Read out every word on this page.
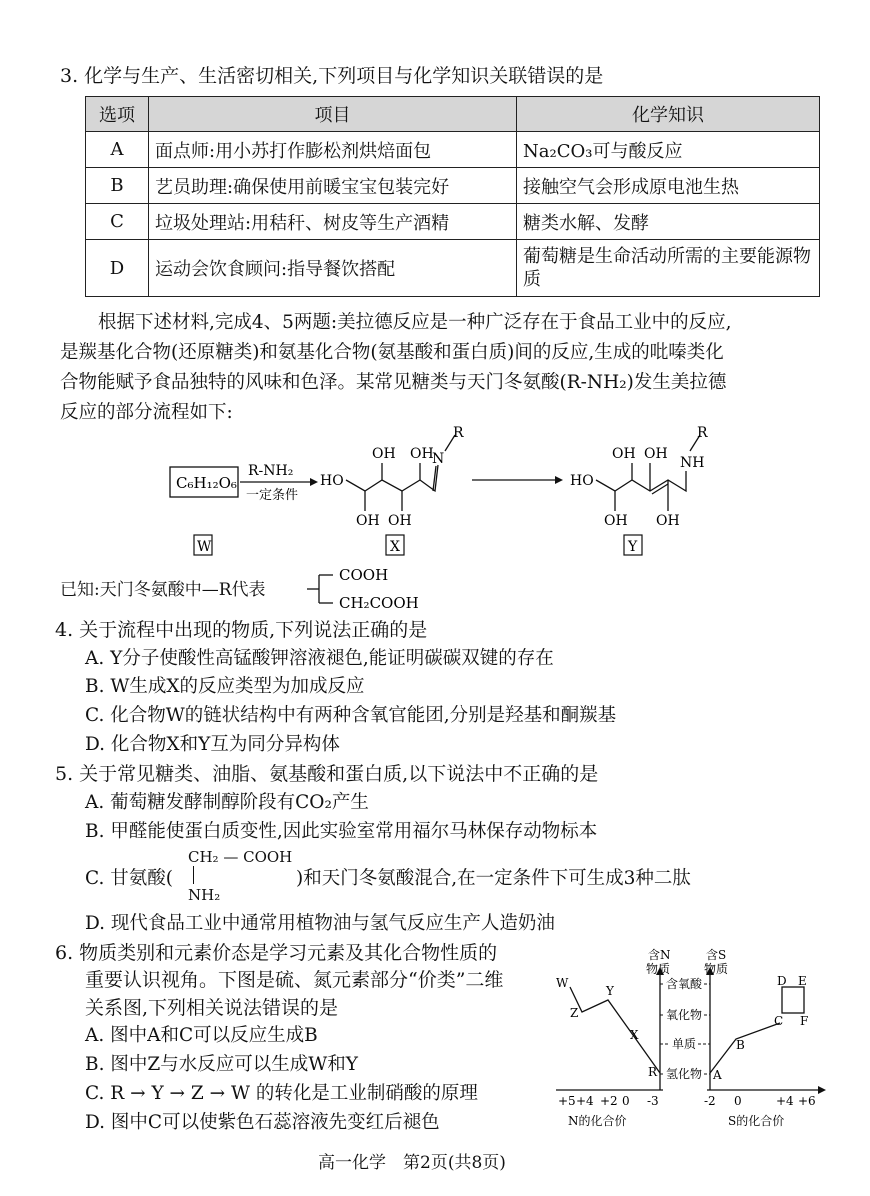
3. 化学与生产、生活密切相关,下列项目与化学知识关联错误的是
选项	项目	化学知识
A	面点师:用小苏打作膨松剂烘焙面包	Na₂CO₃可与酸反应
B	艺员助理:确保使用前暖宝宝包装完好	接触空气会形成原电池生热
C	垃圾处理站:用秸秆、树皮等生产酒精	糖类水解、发酵
D	运动会饮食顾问:指导餐饮搭配	葡萄糖是生命活动所需的主要能源物质
根据下述材料,完成4、5两题:美拉德反应是一种广泛存在于食品工业中的反应,
是羰基化合物(还原糖类)和氨基化合物(氨基酸和蛋白质)间的反应,生成的吡嗪类化
合物能赋予食品独特的风味和色泽。某常见糖类与天门冬氨酸(R-NH₂)发生美拉德
反应的部分流程如下:
C₆H₁₂O₆
R-NH₂
一定条件
HO
OH OH
OH
N
R
OH
HO
OH OH
OH OH
NH
R
W	X	Y
已知:天门冬氨酸中—R代表
COOH
CH₂COOH
4. 关于流程中出现的物质,下列说法正确的是
A. Y分子使酸性高锰酸钾溶液褪色,能证明碳碳双键的存在
B. W生成X的反应类型为加成反应
C. 化合物W的链状结构中有两种含氧官能团,分别是羟基和酮羰基
D. 化合物X和Y互为同分异构体
5. 关于常见糖类、油脂、氨基酸和蛋白质,以下说法中不正确的是
A. 葡萄糖发酵制醇阶段有CO₂产生
B. 甲醛能使蛋白质变性,因此实验室常用福尔马林保存动物标本
C. 甘氨酸(
CH₂ — COOH
NH₂
)和天门冬氨酸混合,在一定条件下可生成3种二肽
D. 现代食品工业中通常用植物油与氢气反应生产人造奶油
6. 物质类别和元素价态是学习元素及其化合物性质的
重要认识视角。下图是硫、氮元素部分“价类”二维
关系图,下列相关说法错误的是
A. 图中A和C可以反应生成B
B. 图中Z与水反应可以生成W和Y
C. R → Y → Z → W 的转化是工业制硝酸的原理
D. 图中C可以使紫色石蕊溶液先变红后褪色
含N
物质
含S
物质
含氧酸
氧化物
单质
氢化物
W
Z
Y
X
R	A
B
C
D E
F
+5 +4 +2 0 -3	-2 0	+4 +6
N的化合价	S的化合价
高一化学　第2页(共8页)
